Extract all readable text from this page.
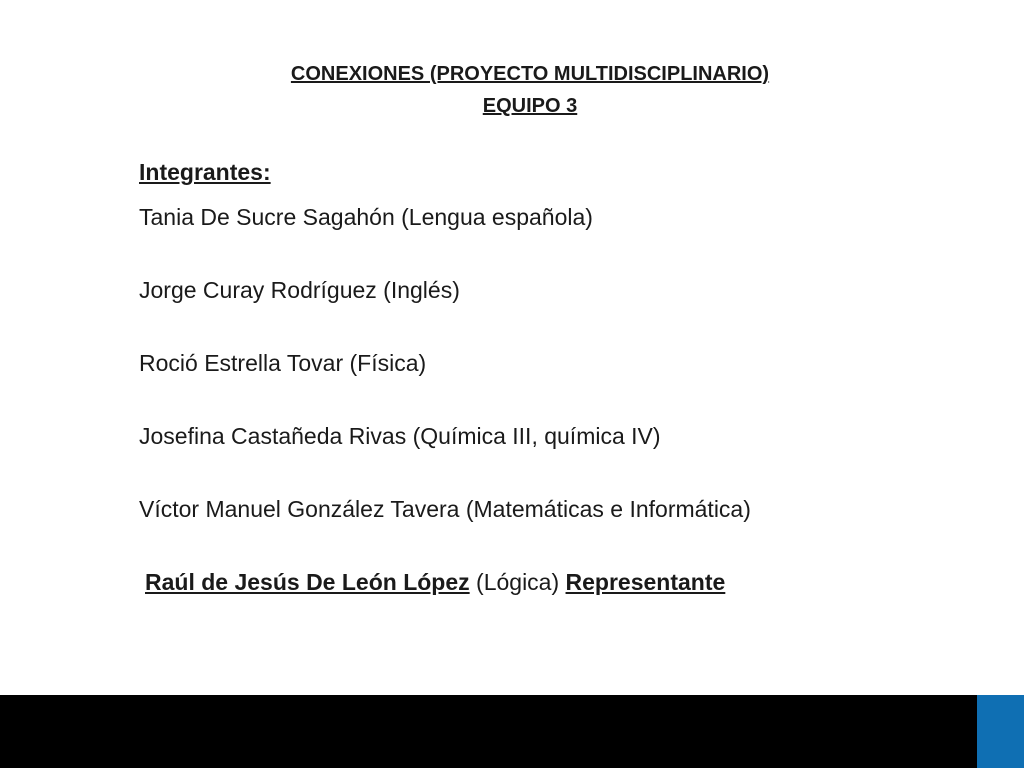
CONEXIONES (PROYECTO MULTIDISCIPLINARIO)
EQUIPO 3
Integrantes:
Tania De Sucre Sagahón (Lengua española)
Jorge Curay Rodríguez (Inglés)
Roció Estrella Tovar (Física)
Josefina Castañeda Rivas (Química III, química IV)
Víctor Manuel González Tavera (Matemáticas e Informática)
Raúl de Jesús De León López (Lógica) Representante
